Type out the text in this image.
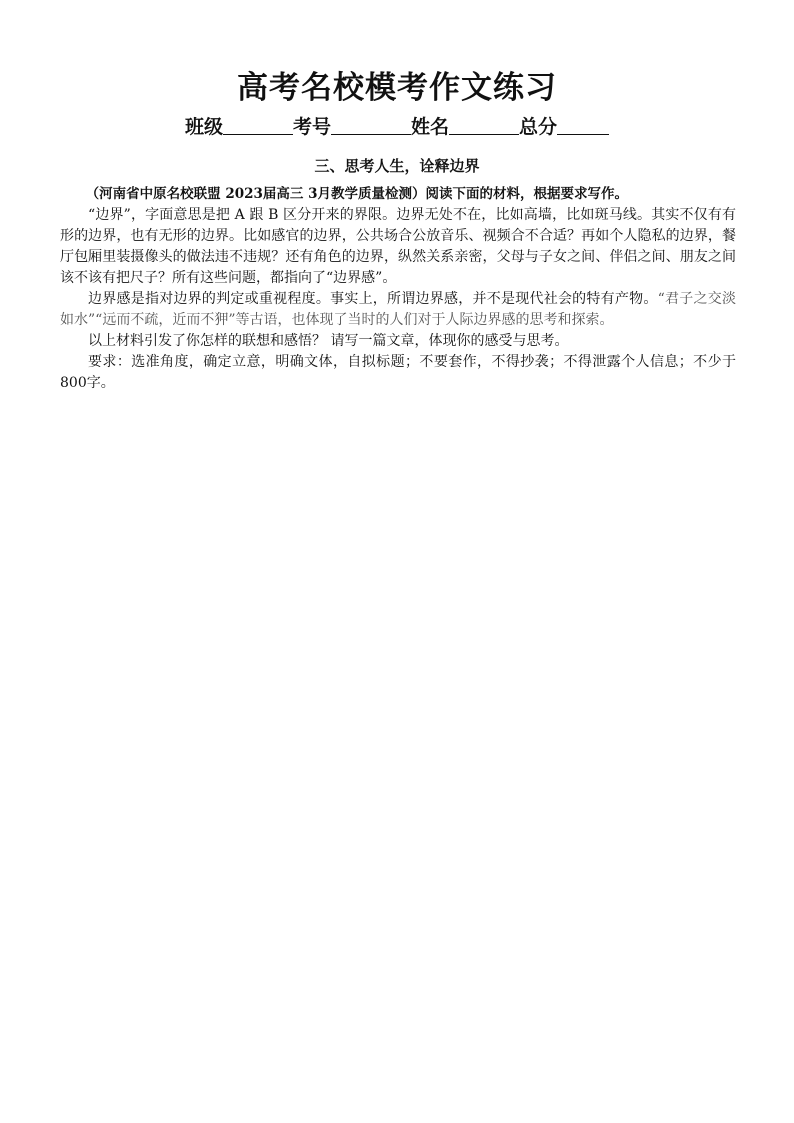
高考名校模考作文练习
班级	考号	姓名	总分
三、思考人生，诠释边界

（河南省中原名校联盟 2023届高三 3月教学质量检测）阅读下面的材料，根据要求写作。

“边界”，字面意思是把 A 跟 B 区分开来的界限。边界无处不在，比如高墙，比如斑马线。其实不仅有有形的边界，也有无形的边界。比如感官的边界，公共场合公放音乐、视频合不合适？再如个人隐私的边界，餐厅包厢里装摄像头的做法违不违规？还有角色的边界，纵然关系亲密，父母与子女之间、伴侣之间、朋友之间该不该有把尺子？所有这些问题，都指向了“边界感”。

边界感是指对边界的判定或重视程度。事实上，所谓边界感，并不是现代社会的特有产物。“君子之交淡如水”“远而不疏，近而不狎”等古语，也体现了当时的人们对于人际边界感的思考和探索。

以上材料引发了你怎样的联想和感悟？ 请写一篇文章，体现你的感受与思考。

要求：选准角度，确定立意，明确文体，自拟标题；不要套作，不得抄袭；不得泄露个人信息；不少于 800字。
